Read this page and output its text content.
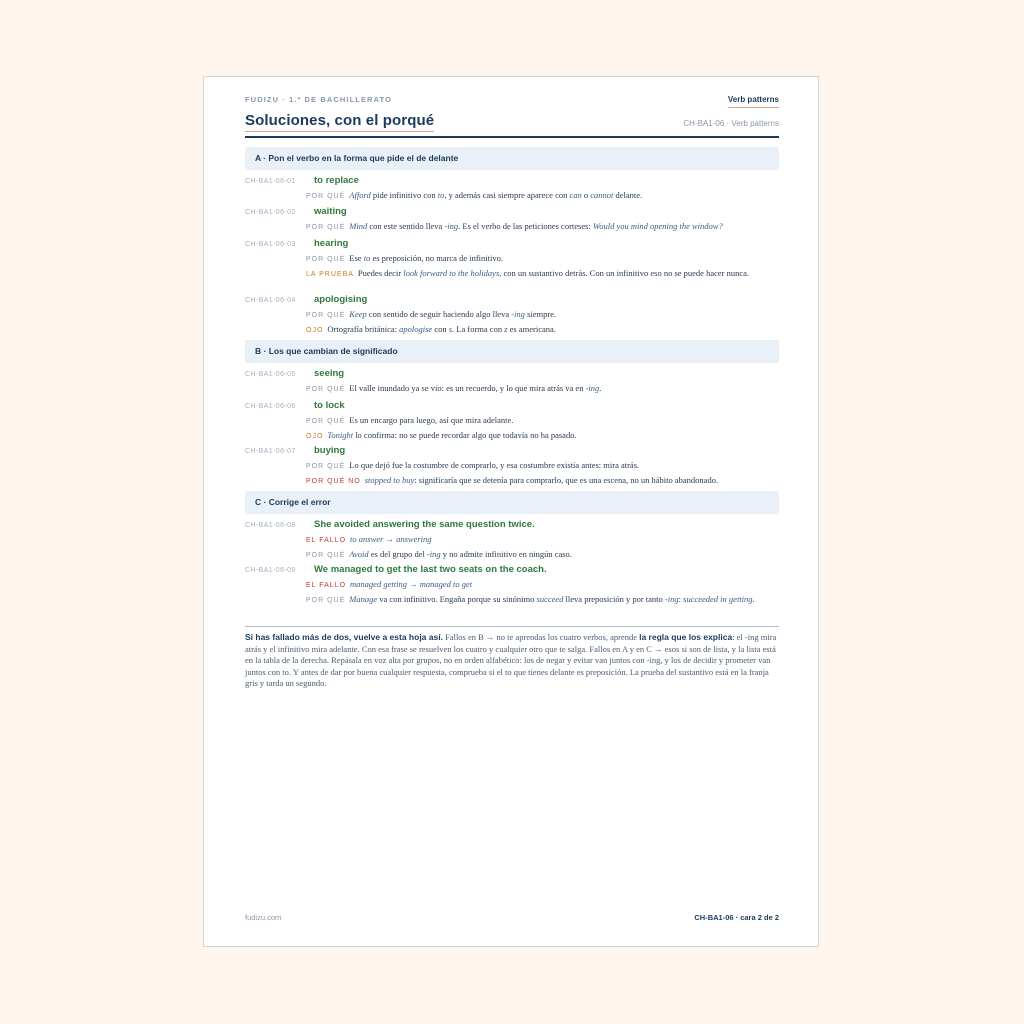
FUDIZU · 1.º DE BACHILLERATO	Verb patterns
Soluciones, con el porqué	CH-BA1-06 · Verb patterns
A · Pon el verbo en la forma que pide el de delante
CH-BA1-06-01 to replace
POR QUÉ Afford pide infinitivo con to, y además casi siempre aparece con can o cannot delante.
CH-BA1-06-02 waiting
POR QUÉ Mind con este sentido lleva -ing. Es el verbo de las peticiones corteses: Would you mind opening the window?
CH-BA1-06-03 hearing
POR QUÉ Ese to es preposición, no marca de infinitivo.
LA PRUEBA Puedes decir look forward to the holidays, con un sustantivo detrás. Con un infinitivo eso no se puede hacer nunca.
CH-BA1-06-04 apologising
POR QUÉ Keep con sentido de seguir haciendo algo lleva -ing siempre.
OJO Ortografía británica: apologise con s. La forma con z es americana.
B · Los que cambian de significado
CH-BA1-06-05 seeing
POR QUÉ El valle inundado ya se vio: es un recuerdo, y lo que mira atrás va en -ing.
CH-BA1-06-06 to lock
POR QUÉ Es un encargo para luego, así que mira adelante.
OJO Tonight lo confirma: no se puede recordar algo que todavía no ha pasado.
CH-BA1-06-07 buying
POR QUÉ Lo que dejó fue la costumbre de comprarlo, y esa costumbre existía antes: mira atrás.
POR QUÉ NO stopped to buy: significaría que se detenía para comprarlo, que es una escena, no un hábito abandonado.
C · Corrige el error
CH-BA1-06-08 She avoided answering the same question twice.
EL FALLO to answer → answering
POR QUÉ Avoid es del grupo del -ing y no admite infinitivo en ningún caso.
CH-BA1-06-09 We managed to get the last two seats on the coach.
EL FALLO managed getting → managed to get
POR QUÉ Manage va con infinitivo. Engaña porque su sinónimo succeed lleva preposición y por tanto -ing: succeeded in getting.
Si has fallado más de dos, vuelve a esta hoja así. Fallos en B → no te aprendas los cuatro verbos, aprende la regla que los explica: el -ing mira atrás y el infinitivo mira adelante. Con esa frase se resuelven los cuatro y cualquier otro que te salga. Fallos en A y en C → esos si son de lista, y la lista está en la tabla de la derecha. Repásala en voz alta por grupos, no en orden alfabético: los de negar y evitar van juntos con -ing, y los de decidir y prometer van juntos con to. Y antes de dar por buena cualquier respuesta, comprueba si el to que tienes delante es preposición. La prueba del sustantivo está en la franja gris y tarda un segundo.
fudizu.com	CH-BA1-06 · cara 2 de 2
